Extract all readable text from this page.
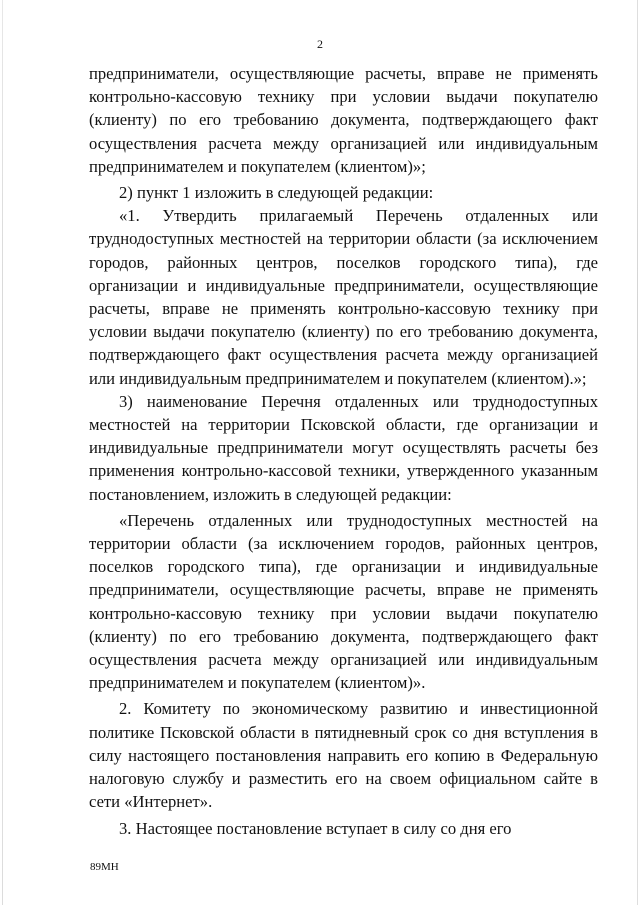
2

предприниматели, осуществляющие расчеты, вправе не применять контрольно-кассовую технику при условии выдачи покупателю (клиенту) по его требованию документа, подтверждающего факт осуществления расчета между организацией или индивидуальным предпринимателем и покупателем (клиентом)»;

2) пункт 1 изложить в следующей редакции:

«1. Утвердить прилагаемый Перечень отдаленных или труднодоступных местностей на территории области (за исключением городов, районных центров, поселков городского типа), где организации и индивидуальные предприниматели, осуществляющие расчеты, вправе не применять контрольно-кассовую технику при условии выдачи покупателю (клиенту) по его требованию документа, подтверждающего факт осуществления расчета между организацией или индивидуальным предпринимателем и покупателем (клиентом).»;

3) наименование Перечня отдаленных или труднодоступных местностей на территории Псковской области, где организации и индивидуальные предприниматели могут осуществлять расчеты без применения контрольно-кассовой техники, утвержденного указанным постановлением, изложить в следующей редакции:

«Перечень отдаленных или труднодоступных местностей на территории области (за исключением городов, районных центров, поселков городского типа), где организации и индивидуальные предприниматели, осуществляющие расчеты, вправе не применять контрольно-кассовую технику при условии выдачи покупателю (клиенту) по его требованию документа, подтверждающего факт осуществления расчета между организацией или индивидуальным предпринимателем и покупателем (клиентом)».

2. Комитету по экономическому развитию и инвестиционной политике Псковской области в пятидневный срок со дня вступления в силу настоящего постановления направить его копию в Федеральную налоговую службу и разместить его на своем официальном сайте в сети «Интернет».

3. Настоящее постановление вступает в силу со дня его

89МН
